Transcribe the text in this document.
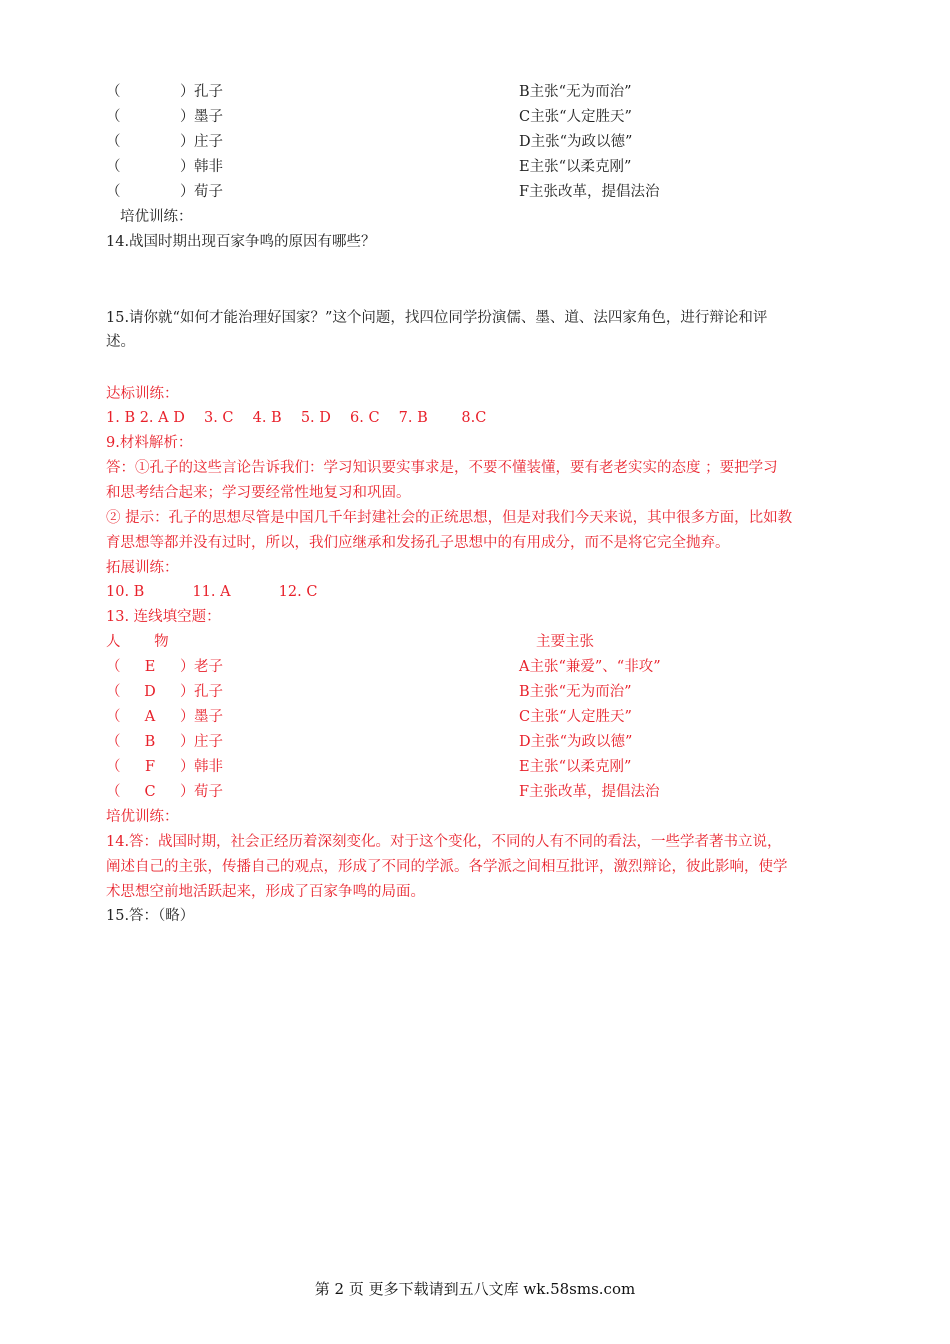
（	） 孔子	B主张“无为而治”
（	） 墨子	C主张“人定胜天”
（	） 庄子	D主张“为政以德”
（	） 韩非	E主张“以柔克刚”
（	） 荀子	F主张改革，提倡法治
培优训练：
14.战国时期出现百家争鸣的原因有哪些？
15.请你就“如何才能治理好国家？”这个问题，找四位同学扮演儒、墨、道、法四家角色，进行辩论和评
述。
达标训练：
1. B 2. A D　 3. C　 4. B　 5. D　 6. C　 7. B　　 8.C
9.材料解析：
答：①孔子的这些言论告诉我们：学习知识要实事求是，不要不懂装懂，要有老老实实的态度 ；要把学习
和思考结合起来；学习要经常性地复习和巩固。
② 提示：孔子的思想尽管是中国几千年封建社会的正统思想，但是对我们今天来说，其中很多方面，比如教
育思想等都并没有过时，所以，我们应继承和发扬孔子思想中的有用成分，而不是将它完全抛弃。
拓展训练：
10. B　　　 11. A　　　 12. C
13. 连线填空题：
人　　 物	主要主张
（	E	） 老子	A主张“兼爱”、“非攻”
（	D	） 孔子	B主张“无为而治”
（	A	） 墨子	C主张“人定胜天”
（	B	） 庄子	D主张“为政以德”
（	F	） 韩非	E主张“以柔克刚”
（	C	） 荀子	F主张改革，提倡法治
培优训练：
14.答：战国时期，社会正经历着深刻变化。对于这个变化，不同的人有不同的看法，一些学者著书立说，
阐述自己的主张，传播自己的观点，形成了不同的学派。各学派之间相互批评，激烈辩论，彼此影响，使学
术思想空前地活跃起来，形成了百家争鸣的局面。
15.答：（略）
第 2 页 更多下载请到五八文库 wk.58sms.com
